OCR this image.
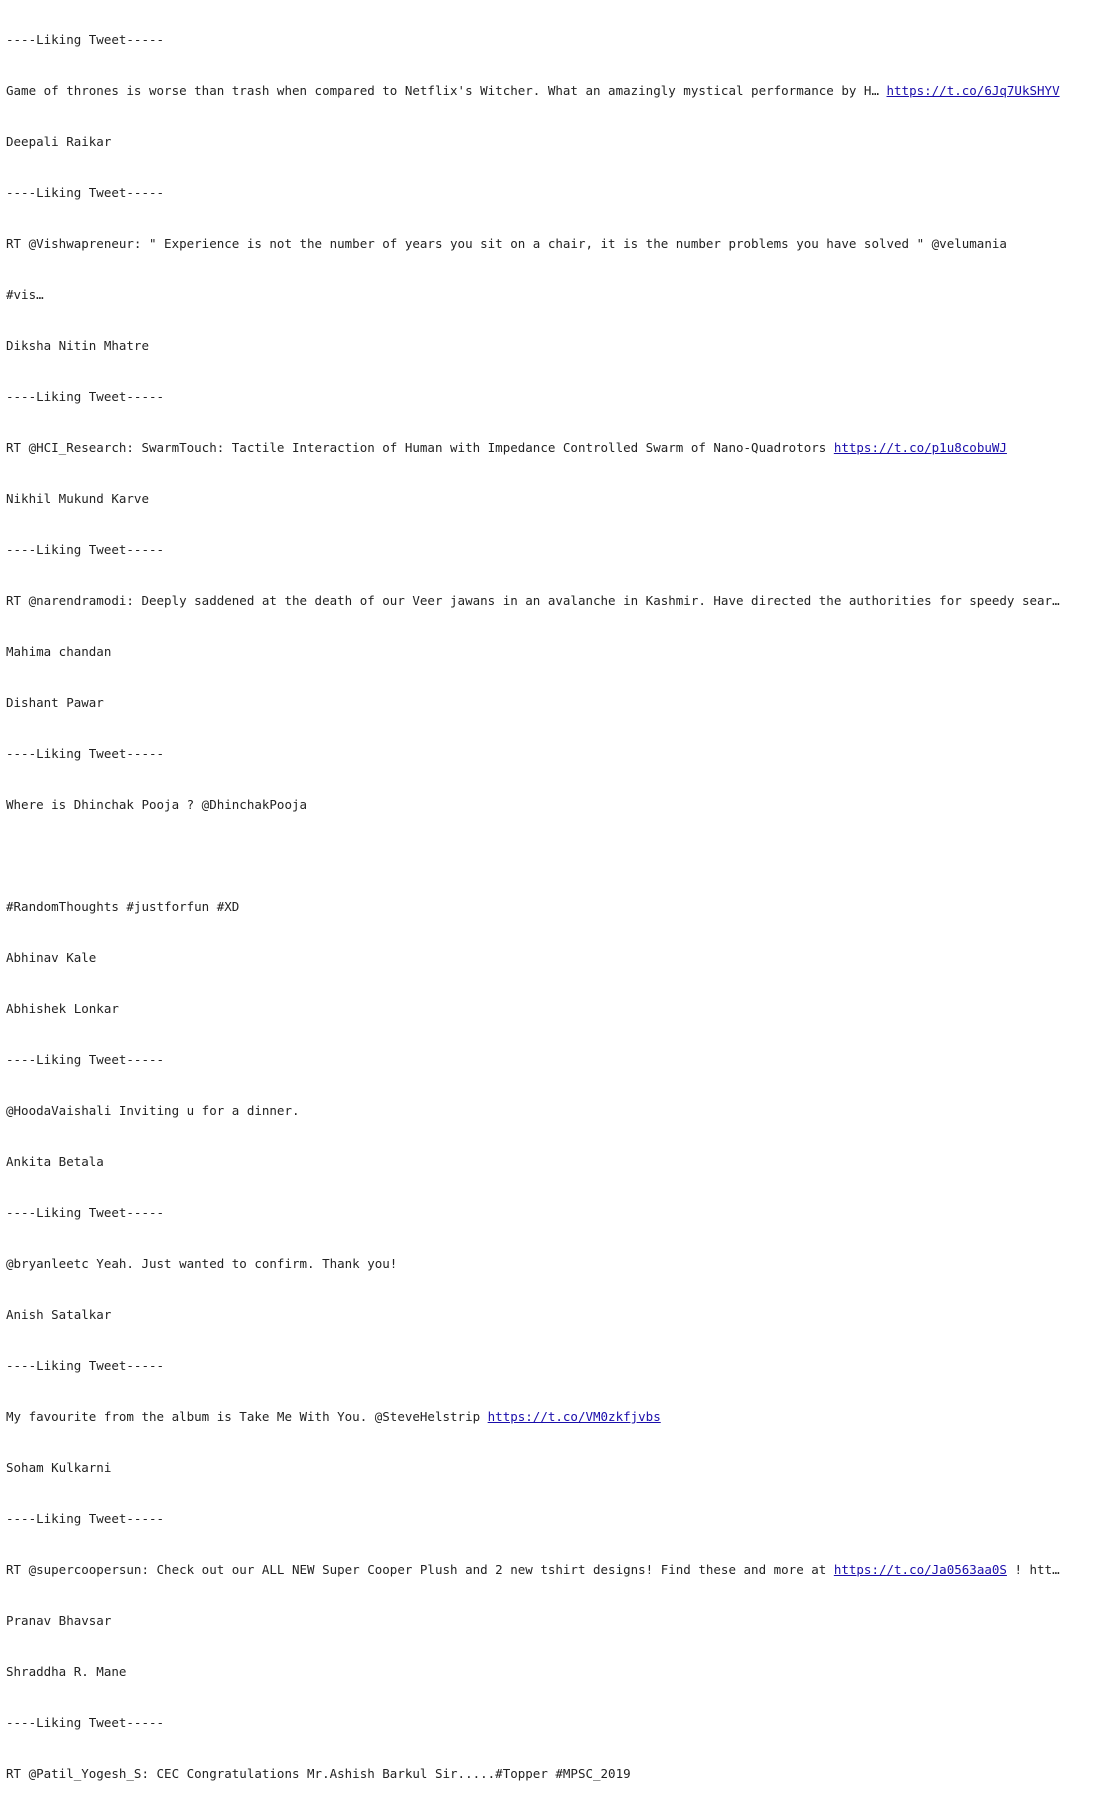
----Liking Tweet-----

Game of thrones is worse than trash when compared to Netflix's Witcher. What an amazingly mystical performance by H… https://t.co/6Jq7UkSHYV

Deepali Raikar

----Liking Tweet-----

RT @Vishwapreneur: " Experience is not the number of years you sit on a chair, it is the number problems you have solved " @velumania

#vis…

Diksha Nitin Mhatre

----Liking Tweet-----

RT @HCI_Research: SwarmTouch: Tactile Interaction of Human with Impedance Controlled Swarm of Nano-Quadrotors https://t.co/p1u8cobuWJ

Nikhil Mukund Karve

----Liking Tweet-----

RT @narendramodi: Deeply saddened at the death of our Veer jawans in an avalanche in Kashmir. Have directed the authorities for speedy sear…

Mahima chandan

Dishant Pawar

----Liking Tweet-----

Where is Dhinchak Pooja ? @DhinchakPooja

#RandomThoughts #justforfun #XD

Abhinav Kale

Abhishek Lonkar

----Liking Tweet-----

@HoodaVaishali Inviting u for a dinner.

Ankita Betala

----Liking Tweet-----

@bryanleetc Yeah. Just wanted to confirm. Thank you!

Anish Satalkar

----Liking Tweet-----

My favourite from the album is Take Me With You. @SteveHelstrip https://t.co/VM0zkfjvbs

Soham Kulkarni

----Liking Tweet-----

RT @supercoopersun: Check out our ALL NEW Super Cooper Plush and 2 new tshirt designs! Find these and more at https://t.co/Ja0563aa0S ! htt…

Pranav Bhavsar

Shraddha R. Mane

----Liking Tweet-----

RT @Patil_Yogesh_S: CEC Congratulations Mr.Ashish Barkul Sir.....#Topper #MPSC_2019
